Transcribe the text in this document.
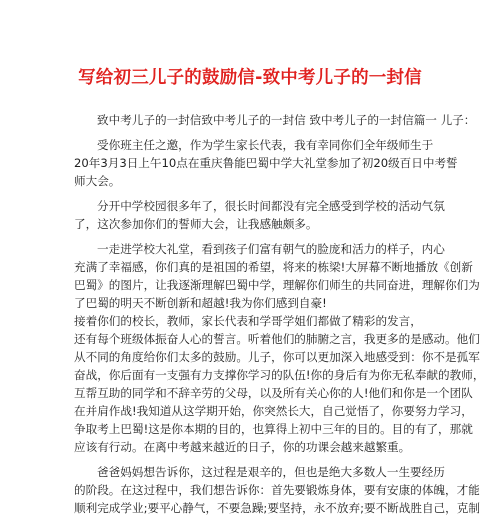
写给初三儿子的鼓励信-致中考儿子的一封信
致中考儿子的一封信致中考儿子的一封信 致中考儿子的一封信篇一 儿子：
受你班主任之邀，作为学生家长代表，我有幸同你们全年级师生于
20年3月3日上午10点在重庆鲁能巴蜀中学大礼堂参加了初20级百日中考誓
师大会。
分开中学校园很多年了，很长时间都没有完全感受到学校的活动气氛
了，这次参加你们的誓师大会，让我感触颇多。
一走进学校大礼堂，看到孩子们富有朝气的脸庞和活力的样子，内心
充满了幸福感，你们真的是祖国的希望，将来的栋梁!大屏幕不断地播放《创新
巴蜀》的图片，让我逐渐理解巴蜀中学，理解你们师生的共同奋进，理解你们为
了巴蜀的明天不断创新和超越!我为你们感到自豪!
接着你们的校长，教师，家长代表和学哥学姐们都做了精彩的发言，
还有每个班级体振奋人心的誓言。听着他们的肺腑之言，我更多的是感动。他们
从不同的角度给你们太多的鼓励。儿子，你可以更加深入地感受到：你不是孤军
奋战，你后面有一支强有力支撑你学习的队伍!你的身后有为你无私奉献的教师，
互帮互助的同学和不辞辛劳的父母，以及所有关心你的人!他们和你是一个团队
在并肩作战!我知道从这学期开始，你突然长大，自己觉悟了，你要努力学习，
争取考上巴蜀!这是你本期的目的，也算得上初中三年的目的。目的有了，那就
应该有行动。在离中考越来越近的日子，你的功课会越来越繁重。
爸爸妈妈想告诉你，这过程是艰辛的，但也是绝大多数人一生要经历
的阶段。在这过程中，我们想告诉你：首先要锻炼身体，要有安康的体魄，才能
顺利完成学业;要平心静气，不要急躁;要坚持，永不放弃;要不断战胜自己，克制
